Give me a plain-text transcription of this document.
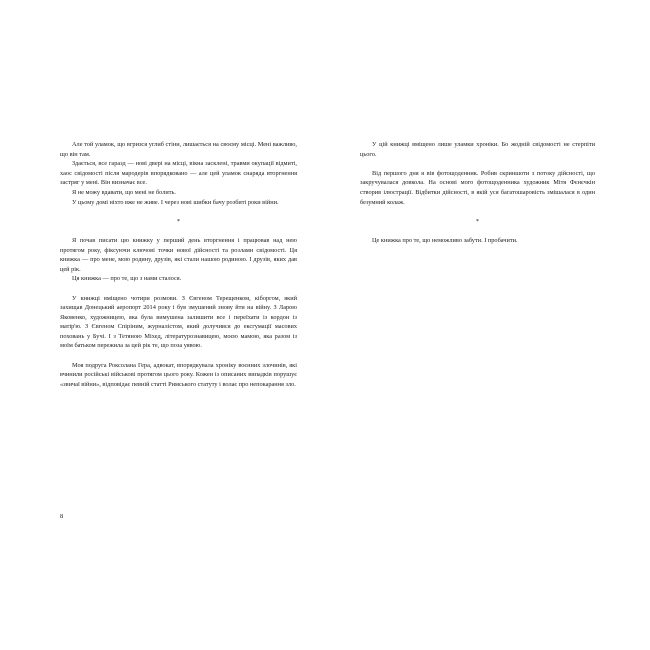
Але той уламок, що вгризся углиб стіни, лишається на своєму місці. Мені важливо, що він там.

Здається, все гаразд — нові двері на місці, вікна засклені, травми окупації відмиті, хаос свідомості після мародерів впорядковано — але цей уламок снаряда вторгнення застряг у мені. Він визначає все.

Я не можу вдавати, що мені не болить.

У цьому домі ніхто вже не живе. І через нові шибки бачу розбиті роки війни.

*

Я почав писати цю книжку у перший день вторгнення і працював над нею протягом року, фіксуючи ключові точки нової дійсності та розламн свідомості. Ця книжка — про мене, мою родину, друзів, які стали нашою родиною. І друзів, яких дав цей рік.

Ця книжка — про те, що з нами сталося.

У книжці вміщено чотири розмови. З Євгеном Терещенком, кіборгом, який захищав Донецький аеропорт 2014 року і був змушений знову йти на війну. З Ларою Яковенко, художницею, яка була вимушена залишити все і переїхати із кордон із матір'ю. З Євгеном Спіріним, журналістом, який долучився до ексгумації масових поховань у Бучі. І з Тетяною Міхед, літературознавицею, моєю мамою, яка разом із моїм батьком пережила за цей рік те, що поза уявою.

Моя подруга Роксолана Гера, адвокат, впорядкувала хроніку воєнних злочинів, які вчинили російські військові протягом цього року. Кожен із описаних випадків порушує «звичаї війни», відповідає певній статті Римського статуту і волає про непокарання зло.

У цій книжці вміщено лише уламки хроніки. Бо жодній свідомості не стерпіти цього.

Від першого дня я вів фотощоденник. Робив скриншоти з потоку дійсності, що закручувалася довкола. На основі мого фотощоденника художник Мітя Фєнєчкін створив ілюстрації. Відбитки дійсності, в якій уся багатошаровість змішалася в один безумний колаж.

*

Це книжка про те, що неможливо забути. І пробачити.

8
